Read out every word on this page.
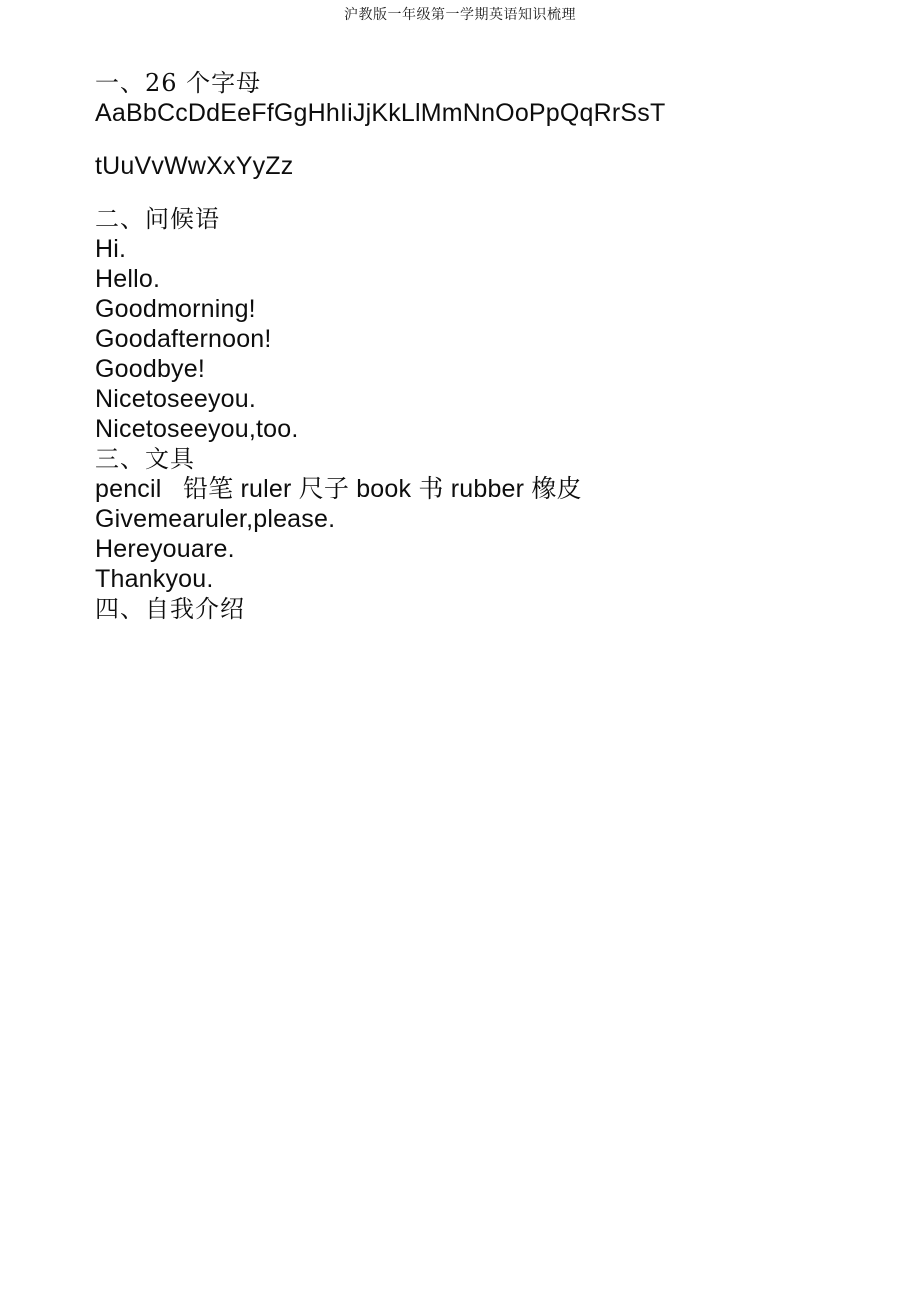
沪教版一年级第一学期英语知识梳理
一、26 个字母
AaBbCcDdEeFfGgHhIiJjKkLlMmNnOoPpQqRrSsT
tUuVvWwXxYyZz
二、问候语
Hi.
Hello.
Goodmorning!
Goodafternoon!
Goodbye!
Nicetoseeyou.
Nicetoseeyou,too.
三、文具
pencil   铅笔 ruler 尺子 book 书 rubber 橡皮
Givemearuler,please.
Hereyouare.
Thankyou.
四、自我介绍
